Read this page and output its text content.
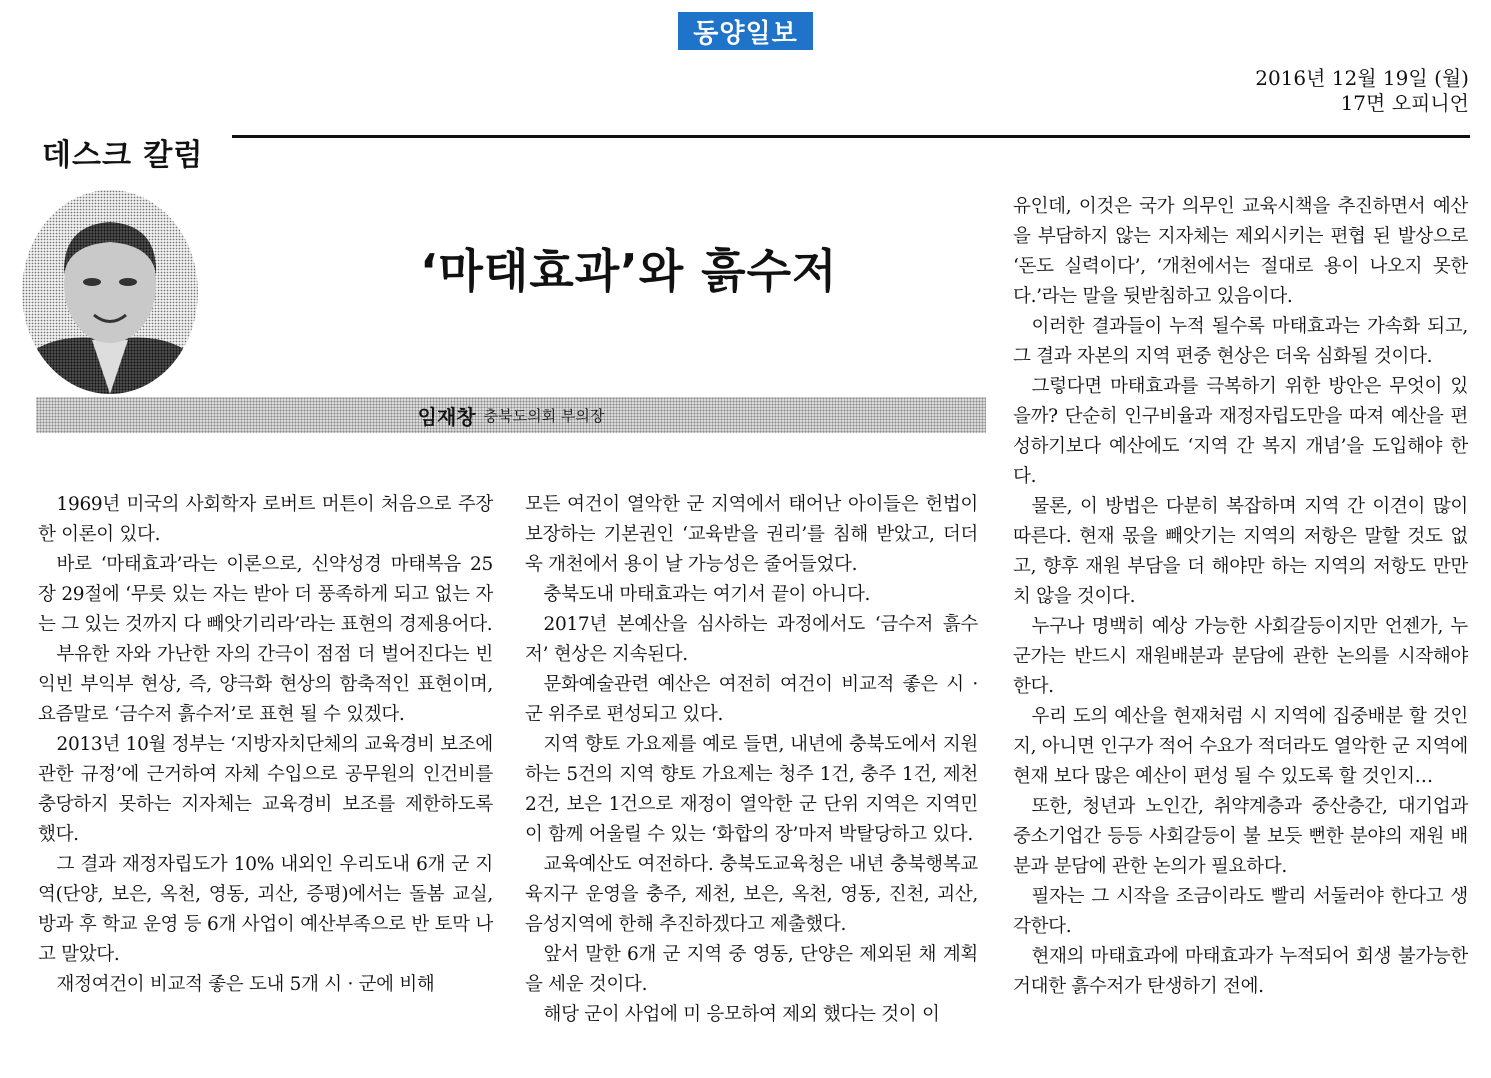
동양일보
2016년 12월 19일 (월)
17면 오피니언
데스크 칼럼
‘마태효과’와 흙수저
임재창 충북도의회 부의장

1969년 미국의 사회학자 로버트 머튼이 처음으로 주장한 이론이 있다.

바로 ‘마태효과’라는 이론으로, 신약성경 마태복음 25장 29절에 ‘무릇 있는 자는 받아 더 풍족하게 되고 없는 자는 그 있는 것까지 다 빼앗기리라’라는 표현의 경제용어다.

부유한 자와 가난한 자의 간극이 점점 더 벌어진다는 빈익빈 부익부 현상, 즉, 양극화 현상의 함축적인 표현이며, 요즘말로 ‘금수저 흙수저’로 표현 될 수 있겠다.

2013년 10월 정부는 ‘지방자치단체의 교육경비 보조에 관한 규정’에 근거하여 자체 수입으로 공무원의 인건비를 충당하지 못하는 지자체는 교육경비 보조를 제한하도록 했다.

그 결과 재정자립도가 10% 내외인 우리도내 6개 군 지역(단양, 보은, 옥천, 영동, 괴산, 증평)에서는 돌봄 교실, 방과 후 학교 운영 등 6개 사업이 예산부족으로 반 토막 나고 말았다.

재정여건이 비교적 좋은 도내 5개 시 · 군에 비해

모든 여건이 열악한 군 지역에서 태어난 아이들은 헌법이 보장하는 기본권인 ‘교육받을 권리’를 침해 받았고, 더더욱 개천에서 용이 날 가능성은 줄어들었다.

충북도내 마태효과는 여기서 끝이 아니다.

2017년 본예산을 심사하는 과정에서도 ‘금수저 흙수저’ 현상은 지속된다.

문화예술관련 예산은 여전히 여건이 비교적 좋은 시 · 군 위주로 편성되고 있다.

지역 향토 가요제를 예로 들면, 내년에 충북도에서 지원하는 5건의 지역 향토 가요제는 청주 1건, 충주 1건, 제천 2건, 보은 1건으로 재정이 열악한 군 단위 지역은 지역민이 함께 어울릴 수 있는 ‘화합의 장’마저 박탈당하고 있다.

교육예산도 여전하다. 충북도교육청은 내년 충북행복교육지구 운영을 충주, 제천, 보은, 옥천, 영동, 진천, 괴산, 음성지역에 한해 추진하겠다고 제출했다.

앞서 말한 6개 군 지역 중 영동, 단양은 제외된 채 계획을 세운 것이다.

해당 군이 사업에 미 응모하여 제외 했다는 것이 이

유인데, 이것은 국가 의무인 교육시책을 추진하면서 예산을 부담하지 않는 지자체는 제외시키는 편협 된 발상으로 ‘돈도 실력이다’, ‘개천에서는 절대로 용이 나오지 못한다.’라는 말을 뒷받침하고 있음이다.

이러한 결과들이 누적 될수록 마태효과는 가속화 되고, 그 결과 자본의 지역 편중 현상은 더욱 심화될 것이다.

그렇다면 마태효과를 극복하기 위한 방안은 무엇이 있을까? 단순히 인구비율과 재정자립도만을 따져 예산을 편성하기보다 예산에도 ‘지역 간 복지 개념’을 도입해야 한다.

물론, 이 방법은 다분히 복잡하며 지역 간 이견이 많이 따른다. 현재 몫을 빼앗기는 지역의 저항은 말할 것도 없고, 향후 재원 부담을 더 해야만 하는 지역의 저항도 만만치 않을 것이다.

누구나 명백히 예상 가능한 사회갈등이지만 언젠가, 누군가는 반드시 재원배분과 분담에 관한 논의를 시작해야 한다.

우리 도의 예산을 현재처럼 시 지역에 집중배분 할 것인지, 아니면 인구가 적어 수요가 적더라도 열악한 군 지역에 현재 보다 많은 예산이 편성 될 수 있도록 할 것인지…

또한, 청년과 노인간, 취약계층과 중산층간, 대기업과 중소기업간 등등 사회갈등이 불 보듯 뻔한 분야의 재원 배분과 분담에 관한 논의가 필요하다.

필자는 그 시작을 조금이라도 빨리 서둘러야 한다고 생각한다.

현재의 마태효과에 마태효과가 누적되어 회생 불가능한 거대한 흙수저가 탄생하기 전에.
